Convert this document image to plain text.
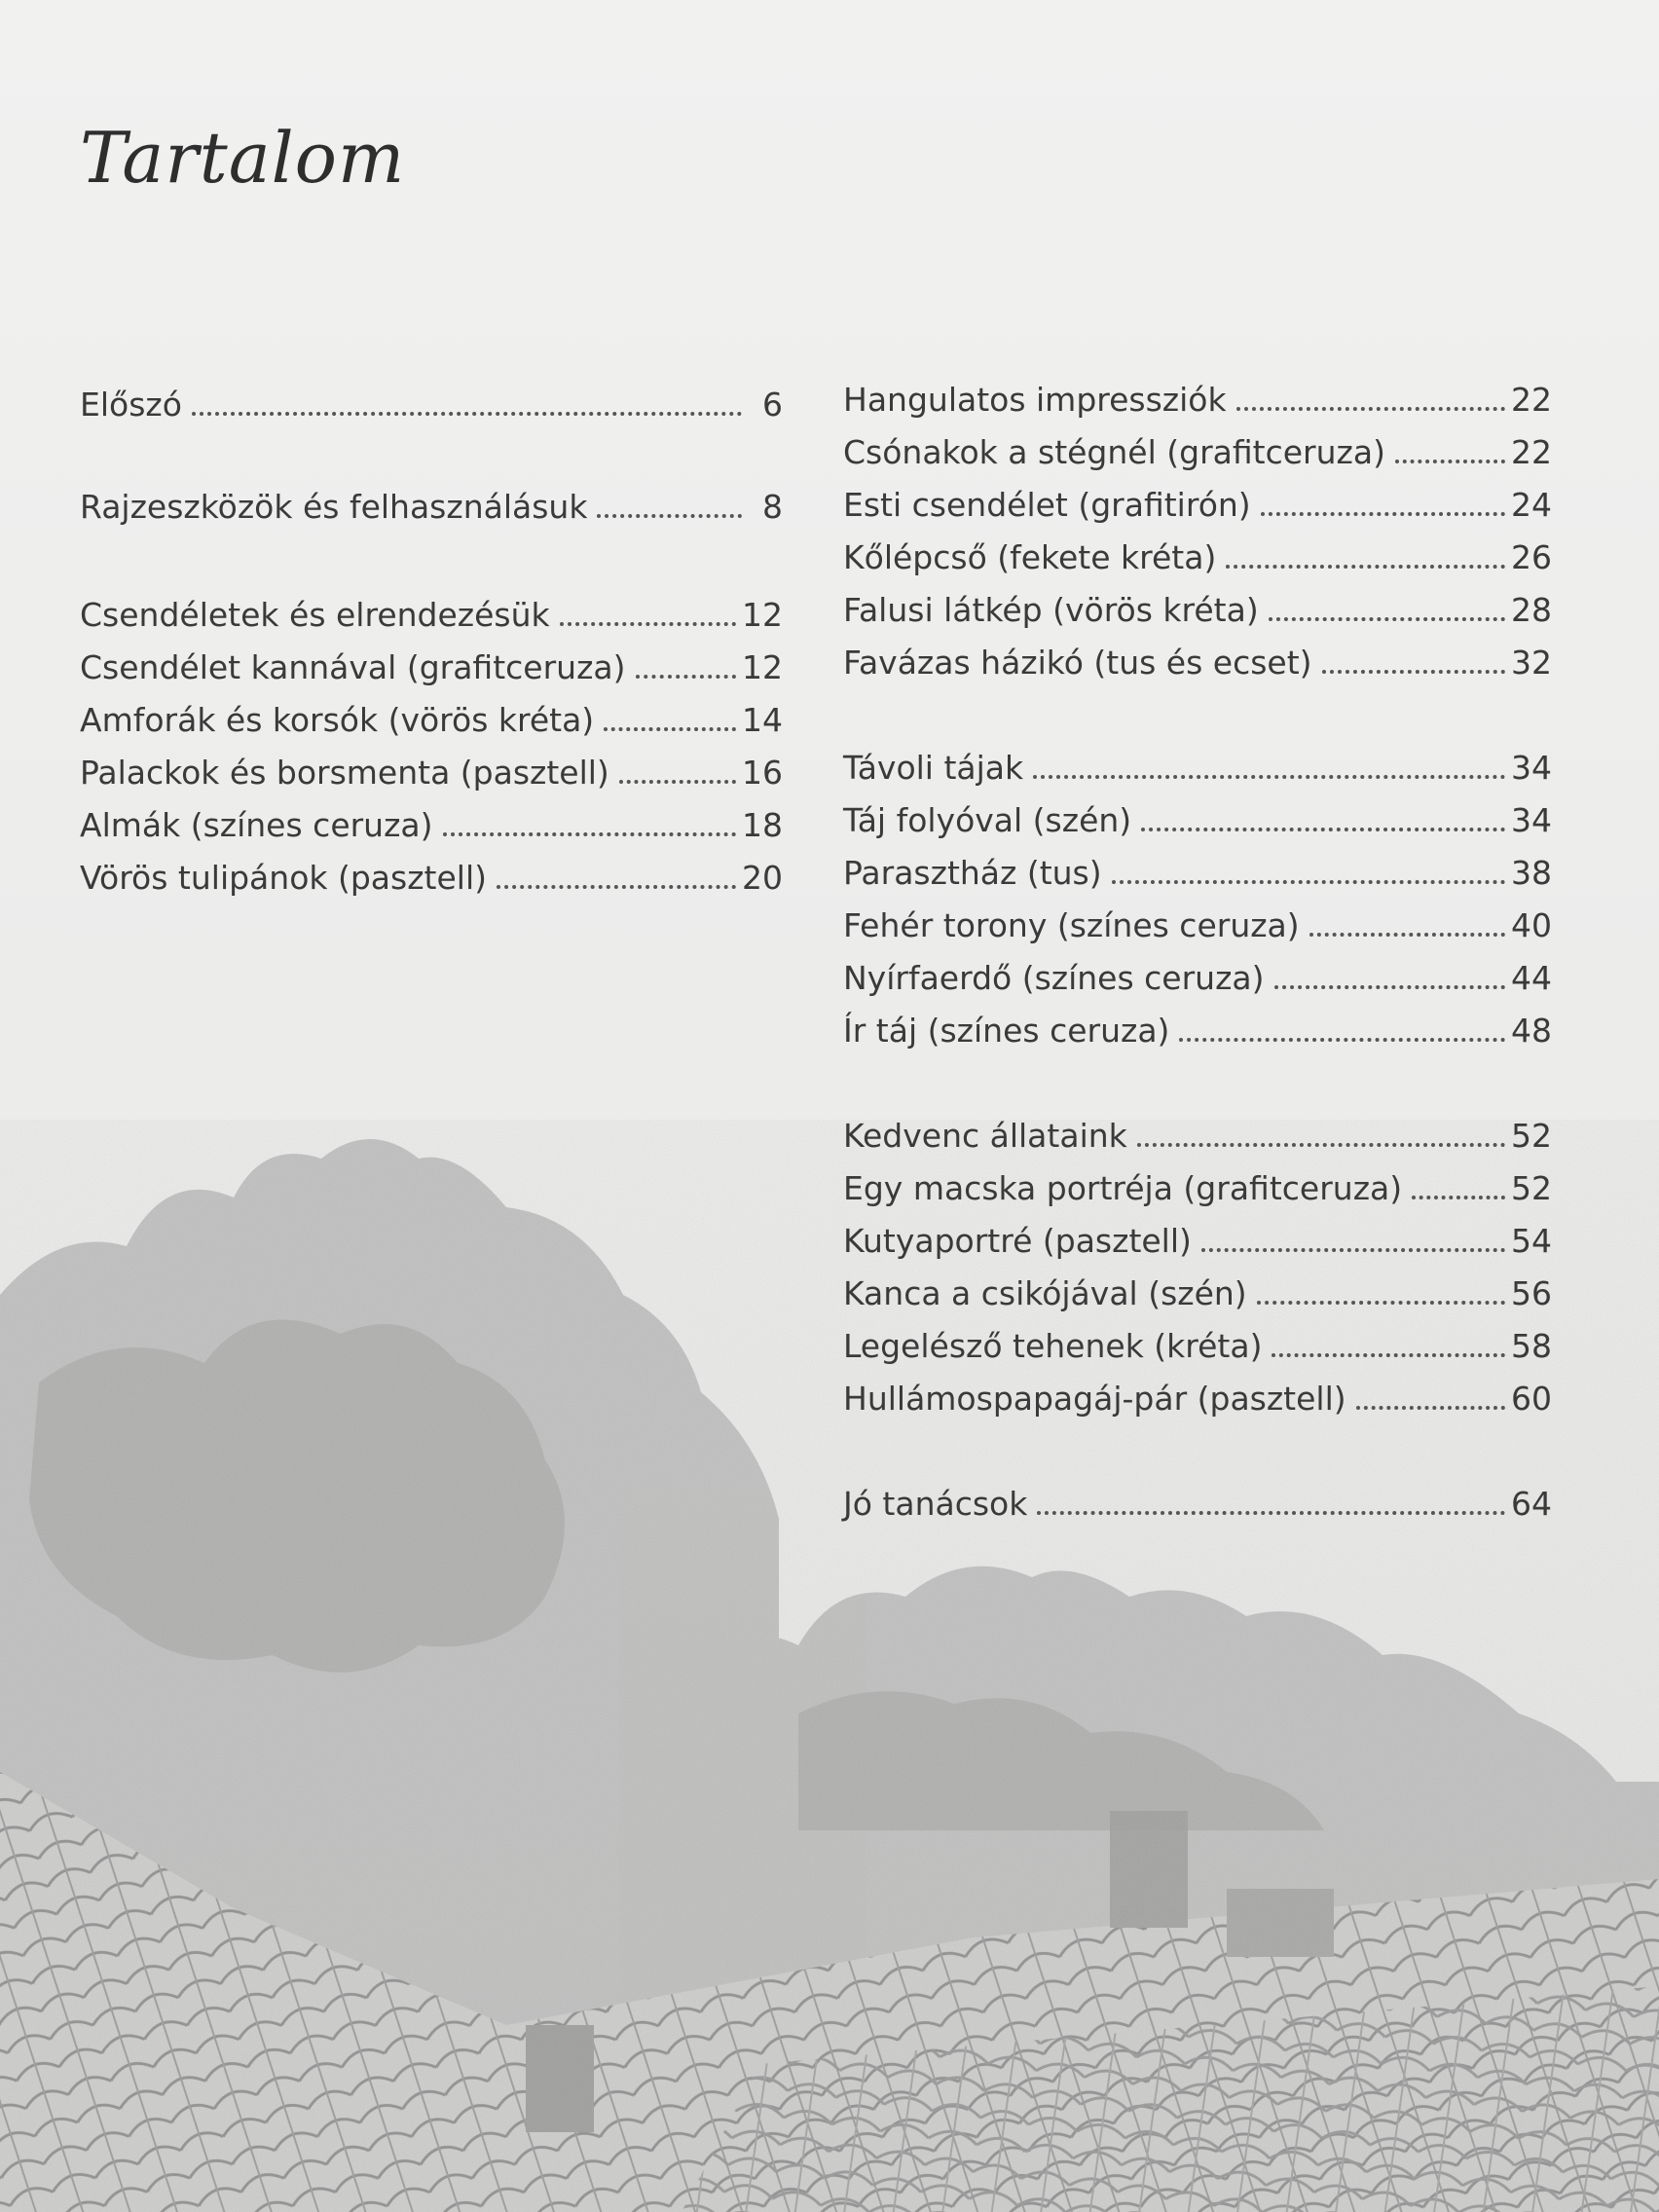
Tartalom
Előszó	6
Rajzeszközök és felhasználásuk	8
Csendéletek és elrendezésük	12
Csendélet kannával (grafitceruza)	12
Amforák és korsók (vörös kréta)	14
Palackok és borsmenta (pasztell)	16
Almák (színes ceruza)	18
Vörös tulipánok (pasztell)	20
Hangulatos impressziók	22
Csónakok a stégnél (grafitceruza)	22
Esti csendélet (grafitirón)	24
Kőlépcső (fekete kréta)	26
Falusi látkép (vörös kréta)	28
Favázas házikó (tus és ecset)	32
Távoli tájak	34
Táj folyóval (szén)	34
Parasztház (tus)	38
Fehér torony (színes ceruza)	40
Nyírfaerdő (színes ceruza)	44
Ír táj (színes ceruza)	48
Kedvenc állataink	52
Egy macska portréja (grafitceruza)	52
Kutyaportré (pasztell)	54
Kanca a csikójával (szén)	56
Legelésző tehenek (kréta)	58
Hullámospapagáj-pár (pasztell)	60
Jó tanácsok	64
